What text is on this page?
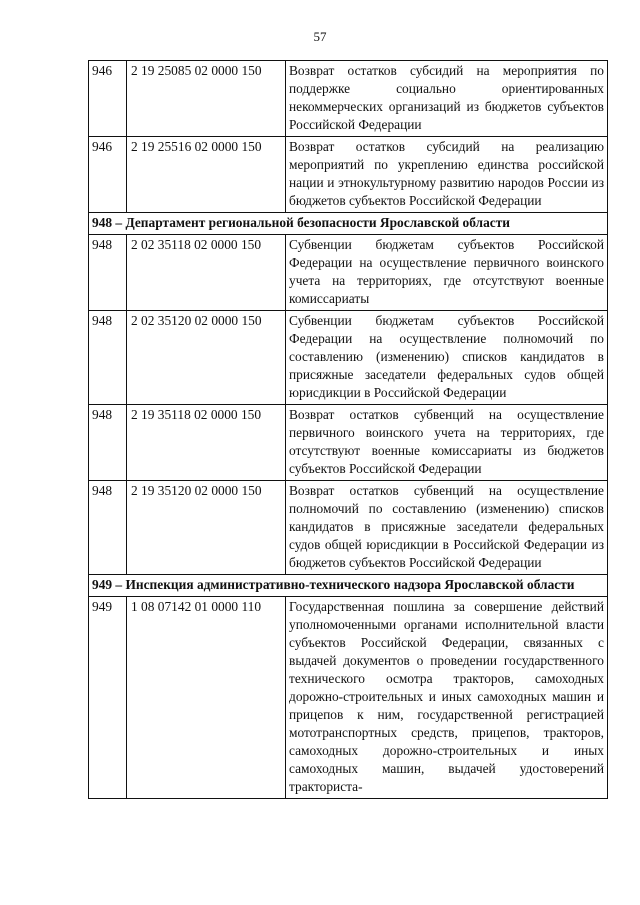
57
946	2 19 25085 02 0000 150	Возврат остатков субсидий на мероприятия по поддержке социально ориентированных некоммерческих организаций из бюджетов субъектов Российской Федерации
946	2 19 25516 02 0000 150	Возврат остатков субсидий на реализацию мероприятий по укреплению единства российской нации и этнокультурному развитию народов России из бюджетов субъектов Российской Федерации

948 – Департамент региональной безопасности Ярославской области		

948	2 02 35118 02 0000 150	Субвенции бюджетам субъектов Российской Федерации на осуществление первичного воинского учета на территориях, где отсутствуют военные комиссариаты
948	2 02 35120 02 0000 150	Субвенции бюджетам субъектов Российской Федерации на осуществление полномочий по составлению (изменению) списков кандидатов в присяжные заседатели федеральных судов общей юрисдикции в Российской Федерации
948	2 19 35118 02 0000 150	Возврат остатков субвенций на осуществление первичного воинского учета на территориях, где отсутствуют военные комиссариаты из бюджетов субъектов Российской Федерации
948	2 19 35120 02 0000 150	Возврат остатков субвенций на осуществление полномочий по составлению (изменению) списков кандидатов в присяжные заседатели федеральных судов общей юрисдикции в Российской Федерации из бюджетов субъектов Российской Федерации

949 – Инспекция административно-технического надзора Ярославской области		

949	1 08 07142 01 0000 110	Государственная пошлина за совершение действий уполномоченными органами исполнительной власти субъектов Российской Федерации, связанных с выдачей документов о проведении государственного технического осмотра тракторов, самоходных дорожно-строительных и иных самоходных машин и прицепов к ним, государственной регистрацией мототранспортных средств, прицепов, тракторов, самоходных дорожно-строительных и иных самоходных машин, выдачей удостоверений тракториста-
